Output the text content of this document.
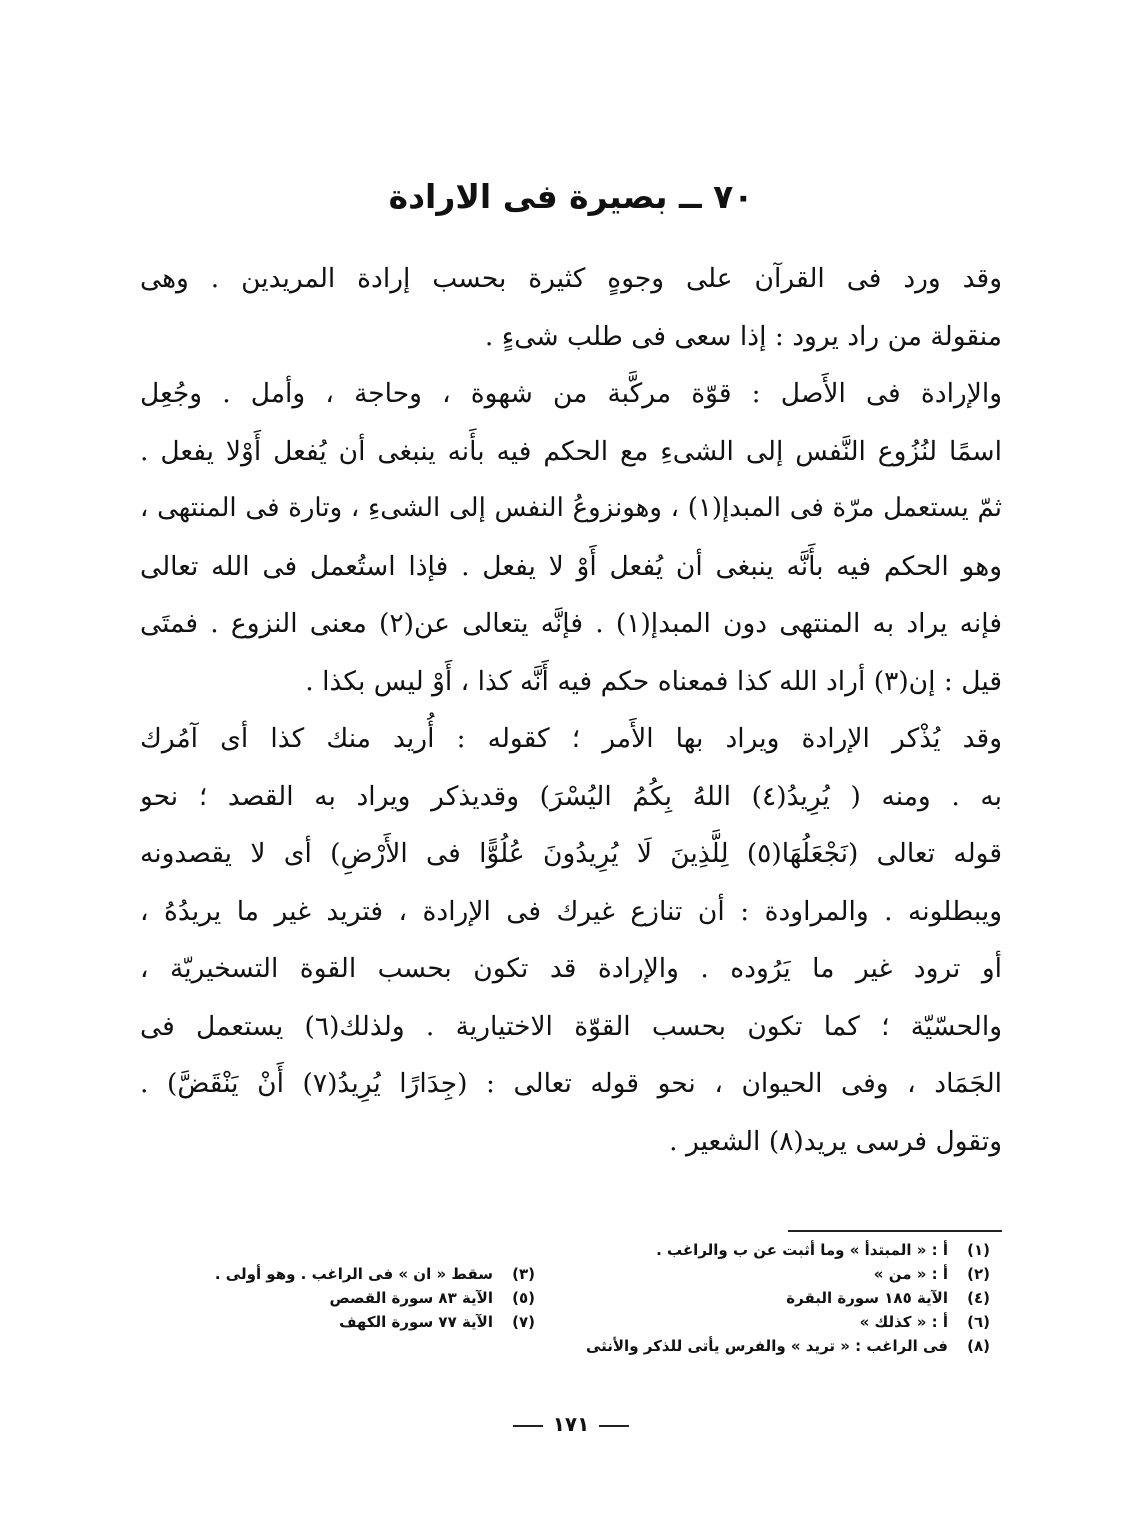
٧٠ ــ بصيرة فى الارادة
وقد ورد فى القرآن على وجوهٍ كثيرة بحسب إرادة المريدين . وهى
منقولة من راد يرود : إذا سعى فى طلب شىءٍ .
والإرادة فى الأَصل : قوّة مركَّبة من شهوة ، وحاجة ، وأمل . وجُعِل
اسمًا لنُزُوع النَّفس إلى الشىءِ مع الحكم فيه بأَنه ينبغى أن يُفعل أَوْلا يفعل .
ثمّ يستعمل مرّة فى المبدإ(١) ، وهونزوعُ النفس إلى الشىءِ ، وتارة فى المنتهى ،
وهو الحكم فيه بأَنَّه ينبغى أن يُفعل أَوْ لا يفعل . فإذا استُعمل فى الله تعالى
فإنه يراد به المنتهى دون المبدإ(١) . فإنَّه يتعالى عن(٢) معنى النزوع . فمتَى
قيل : إن(٣) أراد الله كذا فمعناه حكم فيه أَنَّه كذا ، أَوْ ليس بكذا .
وقد يُذْكر الإرادة ويراد بها الأَمر ؛ كقوله : أُريد منك كذا أى آمُرك
به . ومنه ( يُرِيدُ(٤) اللهُ بِكُمُ اليُسْرَ) وقديذكر ويراد به القصد ؛ نحو
قوله تعالى (نَجْعَلُهَا(٥) لِلَّذِينَ لَا يُرِيدُونَ عُلُوًّا فى الأَرْضِ) أى لا يقصدونه
ويبطلونه . والمراودة : أن تنازع غيرك فى الإرادة ، فتريد غير ما يريدُهُ ،
أو ترود غير ما يَرُوده . والإرادة قد تكون بحسب القوة التسخيريّة ،
والحسّيّة ؛ كما تكون بحسب القوّة الاختيارية . ولذلك(٦) يستعمل فى
الجَمَاد ، وفى الحيوان ، نحو قوله تعالى : (جِدَارًا يُرِيدُ(٧) أَنْ يَنْقَضَّ) .
وتقول فرسى يريد(٨) الشعير .
(١)
أ : « المبتدأ » وما أثبت عن ب والراغب .
(٢)
أ : « من »
(٣)
سقط « ان » فى الراغب . وهو أولى .
(٤)
الآية ١٨٥ سورة البقرة
(٥)
الآية ٨٣ سورة القصص
(٦)
أ : « كذلك »
(٧)
الآية ٧٧ سورة الكهف
(٨)
فى الراغب : « تريد » والفرس يأتى للذكر والأنثى
١٧١
